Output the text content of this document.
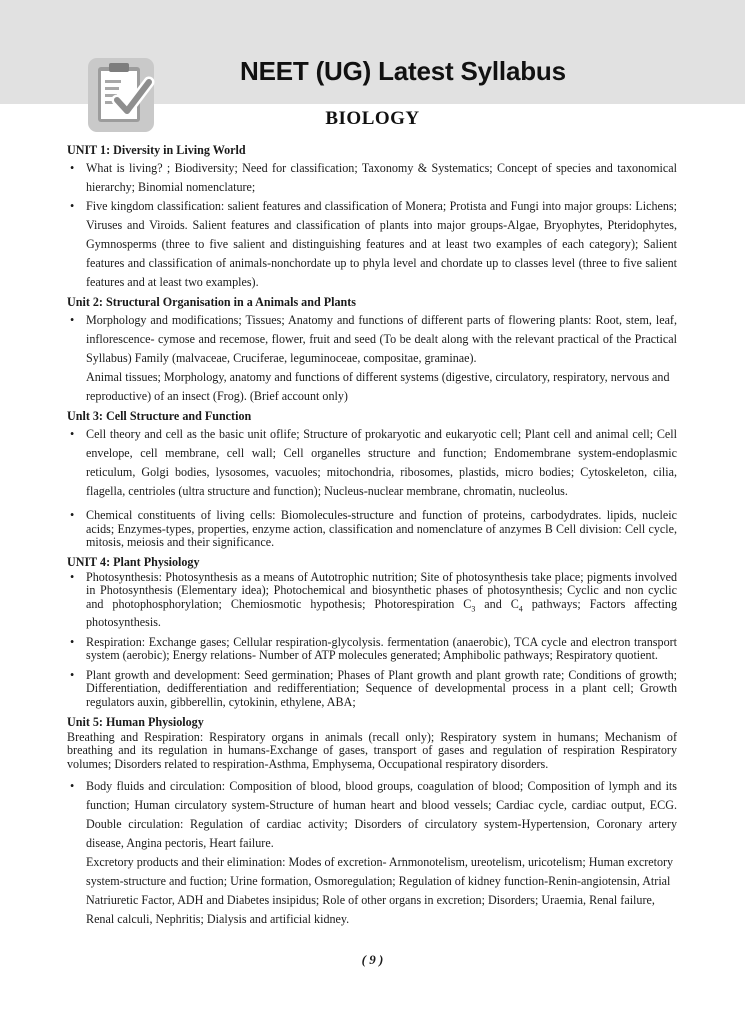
NEET (UG) Latest Syllabus
BIOLOGY
UNIT 1: Diversity in Living World
• What is living? ; Biodiversity; Need for classification; Taxonomy & Systematics; Concept of species and taxonomical hierarchy; Binomial nomenclature;
• Five kingdom classification: salient features and classification of Monera; Protista and Fungi into major groups: Lichens; Viruses and Viroids. Salient features and classification of plants into major groups-Algae, Bryophytes, Pteridophytes, Gymnosperms (three to five salient and distinguishing features and at least two examples of each category); Salient features and classification of animals-nonchordate up to phyla level and chordate up to classes level (three to five salient features and at least two examples).
Unit 2: Structural Organisation in a Animals and Plants
• Morphology and modifications; Tissues; Anatomy and functions of different parts of flowering plants: Root, stem, leaf, inflorescence- cymose and recemose, flower, fruit and seed (To be dealt along with the relevant practical of the Practical Syllabus) Family (malvaceae, Cruciferae, leguminoceae, compositae, graminae).

Animal tissues; Morphology, anatomy and functions of different systems (digestive, circulatory, respiratory, nervous and reproductive) of an insect (Frog). (Brief account only)

Unlt 3: Cell Structure and Function
• Cell theory and cell as the basic unit oflife; Structure of prokaryotic and eukaryotic cell; Plant cell and animal cell; Cell envelope, cell membrane, cell wall; Cell organelles structure and function; Endomembrane system-endoplasmic reticulum, Golgi bodies, lysosomes, vacuoles; mitochondria, ribosomes, plastids, micro bodies; Cytoskeleton, cilia, flagella, centrioles (ultra structure and function); Nucleus-nuclear membrane, chromatin, nucleolus.
• Chemical constituents of living cells: Biomolecules-structure and function of proteins, carbodydrates. lipids, nucleic acids; Enzymes-types, properties, enzyme action, classification and nomenclature of anzymes B Cell division: Cell cycle, mitosis, meiosis and their significance.
UNIT 4: Plant Physiology
• Photosynthesis: Photosynthesis as a means of Autotrophic nutrition; Site of photosynthesis take place; pigments involved in Photosynthesis (Elementary idea); Photochemical and biosynthetic phases of photosynthesis; Cyclic and non cyclic and photophosphorylation; Chemiosmotic hypothesis; Photorespiration $C_3$ and $C_4$ pathways; Factors affecting photosynthesis.
• Respiration: Exchange gases; Cellular respiration-glycolysis. fermentation (anaerobic), TCA cycle and electron transport system (aerobic); Energy relations- Number of ATP molecules generated; Amphibolic pathways; Respiratory quotient.
• Plant growth and development: Seed germination; Phases of Plant growth and plant growth rate; Conditions of growth; Differentiation, dedifferentiation and redifferentiation; Sequence of developmental process in a plant cell; Growth regulators auxin, gibberellin, cytokinin, ethylene, ABA;
Unit 5: Human Physiology

Breathing and Respiration: Respiratory organs in animals (recall only); Respiratory system in humans; Mechanism of breathing and its regulation in humans-Exchange of gases, transport of gases and regulation of respiration Respiratory volumes; Disorders related to respiration-Asthma, Emphysema, Occupational respiratory disorders.

• Body fluids and circulation: Composition of blood, blood groups, coagulation of blood; Composition of lymph and its function; Human circulatory system-Structure of human heart and blood vessels; Cardiac cycle, cardiac output, ECG. Double circulation: Regulation of cardiac activity; Disorders of circulatory system-Hypertension, Coronary artery disease, Angina pectoris, Heart failure.

Excretory products and their elimination: Modes of excretion- Arnmonotelism, ureotelism, uricotelism; Human excretory system-structure and fuction; Urine formation, Osmoregulation; Regulation of kidney function-Renin-angiotensin, Atrial Natriuretic Factor, ADH and Diabetes insipidus; Role of other organs in excretion; Disorders; Uraemia, Renal failure, Renal calculi, Nephritis; Dialysis and artificial kidney.

( 9 )
